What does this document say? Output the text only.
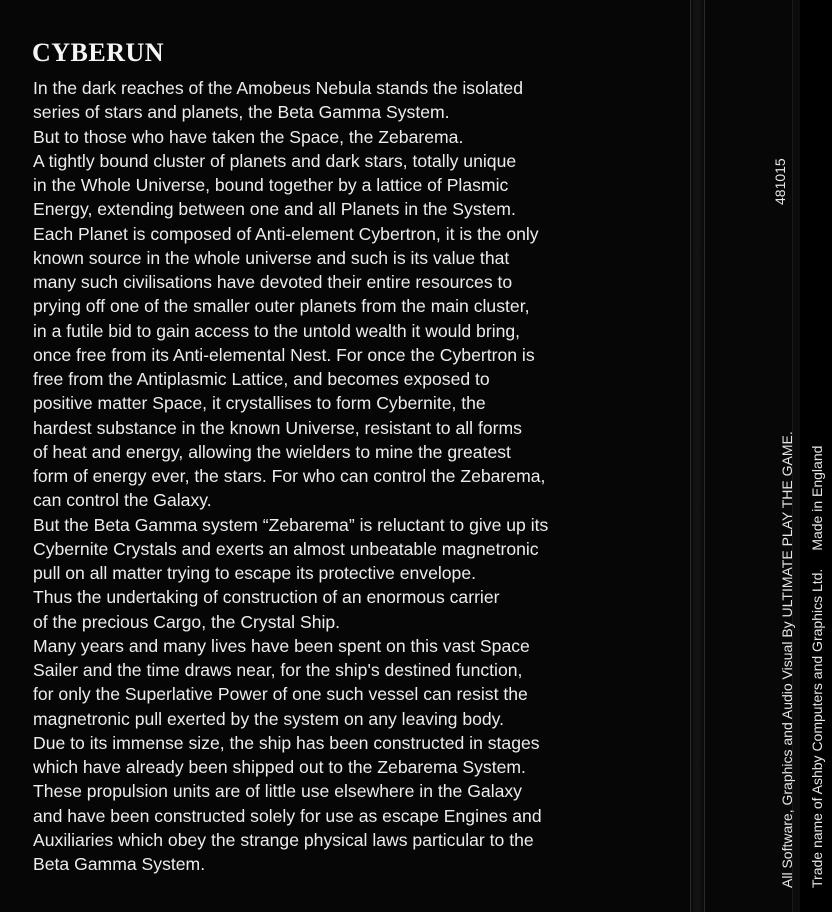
CYBERUN
In the dark reaches of the Amobeus Nebula stands the isolated
series of stars and planets, the Beta Gamma System.
But to those who have taken the Space, the Zebarema.
A tightly bound cluster of planets and dark stars, totally unique
in the Whole Universe, bound together by a lattice of Plasmic
Energy, extending between one and all Planets in the System.
Each Planet is composed of Anti-element Cybertron, it is the only
known source in the whole universe and such is its value that
many such civilisations have devoted their entire resources to
prying off one of the smaller outer planets from the main cluster,
in a futile bid to gain access to the untold wealth it would bring,
once free from its Anti-elemental Nest. For once the Cybertron is
free from the Antiplasmic Lattice, and becomes exposed to
positive matter Space, it crystallises to form Cybernite, the
hardest substance in the known Universe, resistant to all forms
of heat and energy, allowing the wielders to mine the greatest
form of energy ever, the stars. For who can control the Zebarema,
can control the Galaxy.
But the Beta Gamma system “Zebarema” is reluctant to give up its
Cybernite Crystals and exerts an almost unbeatable magnetronic
pull on all matter trying to escape its protective envelope.
Thus the undertaking of construction of an enormous carrier
of the precious Cargo, the Crystal Ship.
Many years and many lives have been spent on this vast Space
Sailer and the time draws near, for the ship's destined function,
for only the Superlative Power of one such vessel can resist the
magnetronic pull exerted by the system on any leaving body.
Due to its immense size, the ship has been constructed in stages
which have already been shipped out to the Zebarema System.
These propulsion units are of little use elsewhere in the Galaxy
and have been constructed solely for use as escape Engines and
Auxiliaries which obey the strange physical laws particular to the
Beta Gamma System.	All Software, Graphics and Audio Visual By ULTIMATE PLAY THE GAME.	Trade name of Ashby Computers and Graphics Ltd.Made in England
481015
